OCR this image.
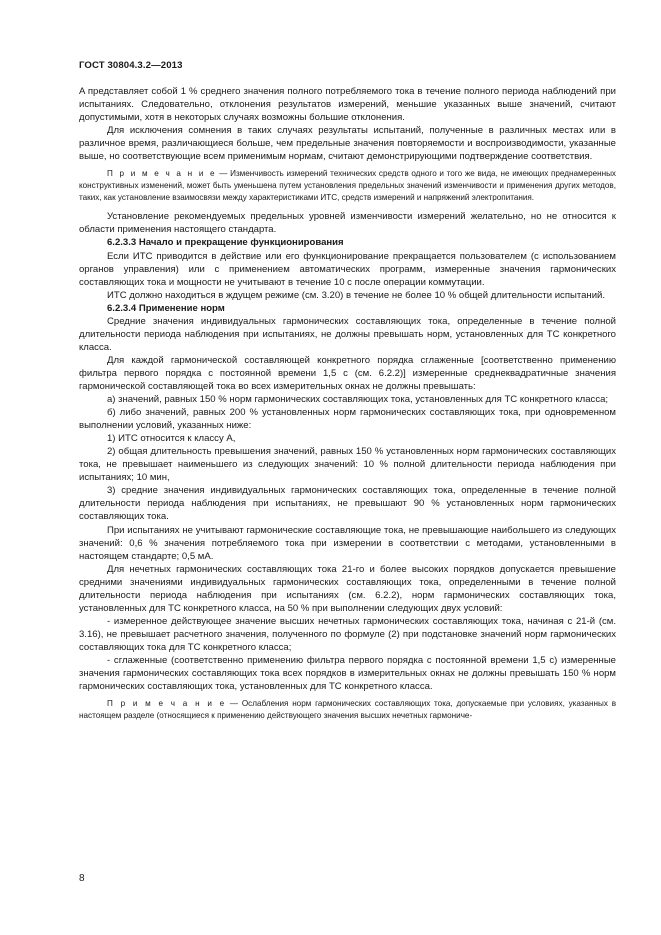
ГОСТ 30804.3.2—2013

A представляет собой 1 % среднего значения полного потребляемого тока в течение полного периода наблюдений при испытаниях. Следовательно, отклонения результатов измерений, меньшие указанных выше значений, считают допустимыми, хотя в некоторых случаях возможны большие отклонения.

Для исключения сомнения в таких случаях результаты испытаний, полученные в различных местах или в различное время, различающиеся больше, чем предельные значения повторяемости и воспроизводимости, указанные выше, но соответствующие всем применимым нормам, считают демонстрирующими подтверждение соответствия.

П р и м е ч а н и е — Изменчивость измерений технических средств одного и того же вида, не имеющих преднамеренных конструктивных изменений, может быть уменьшена путем установления предельных значений изменчивости и применения других методов, таких, как установление взаимосвязи между характеристиками ИТС, средств измерений и напряжений электропитания.

Установление рекомендуемых предельных уровней изменчивости измерений желательно, но не относится к области применения настоящего стандарта.

6.2.3.3 Начало и прекращение функционирования

Если ИТС приводится в действие или его функционирование прекращается пользователем (с использованием органов управления) или с применением автоматических программ, измеренные значения гармонических составляющих тока и мощности не учитывают в течение 10 с после операции коммутации.

ИТС должно находиться в ждущем режиме (см. 3.20) в течение не более 10 % общей длительности испытаний.

6.2.3.4 Применение норм

Средние значения индивидуальных гармонических составляющих тока, определенные в течение полной длительности периода наблюдения при испытаниях, не должны превышать норм, установленных для ТС конкретного класса.

Для каждой гармонической составляющей конкретного порядка сглаженные [соответственно применению фильтра первого порядка с постоянной времени 1,5 с (см. 6.2.2)] измеренные среднеквадратичные значения гармонической составляющей тока во всех измерительных окнах не должны превышать:

а) значений, равных 150 % норм гармонических составляющих тока, установленных для ТС конкретного класса;

б) либо значений, равных 200 % установленных норм гармонических составляющих тока, при одновременном выполнении условий, указанных ниже:

1) ИТС относится к классу А,

2) общая длительность превышения значений, равных 150 % установленных норм гармонических составляющих тока, не превышает наименьшего из следующих значений: 10 % полной длительности периода наблюдения при испытаниях; 10 мин,

3) средние значения индивидуальных гармонических составляющих тока, определенные в течение полной длительности периода наблюдения при испытаниях, не превышают 90 % установленных норм гармонических составляющих тока.

При испытаниях не учитывают гармонические составляющие тока, не превышающие наибольшего из следующих значений: 0,6 % значения потребляемого тока при измерении в соответствии с методами, установленными в настоящем стандарте; 0,5 мА.

Для нечетных гармонических составляющих тока 21-го и более высоких порядков допускается превышение средними значениями индивидуальных гармонических составляющих тока, определенными в течение полной длительности периода наблюдения при испытаниях (см. 6.2.2), норм гармонических составляющих тока, установленных для ТС конкретного класса, на 50 % при выполнении следующих двух условий:

- измеренное действующее значение высших нечетных гармонических составляющих тока, начиная с 21-й (см. 3.16), не превышает расчетного значения, полученного по формуле (2) при подстановке значений норм гармонических составляющих тока для ТС конкретного класса;

- сглаженные (соответственно применению фильтра первого порядка с постоянной времени 1,5 с) измеренные значения гармонических составляющих тока всех порядков в измерительных окнах не должны превышать 150 % норм гармонических составляющих тока, установленных для ТС конкретного класса.

П р и м е ч а н и е — Ослабления норм гармонических составляющих тока, допускаемые при условиях, указанных в настоящем разделе (относящиеся к применению действующего значения высших нечетных гармониче-

8
